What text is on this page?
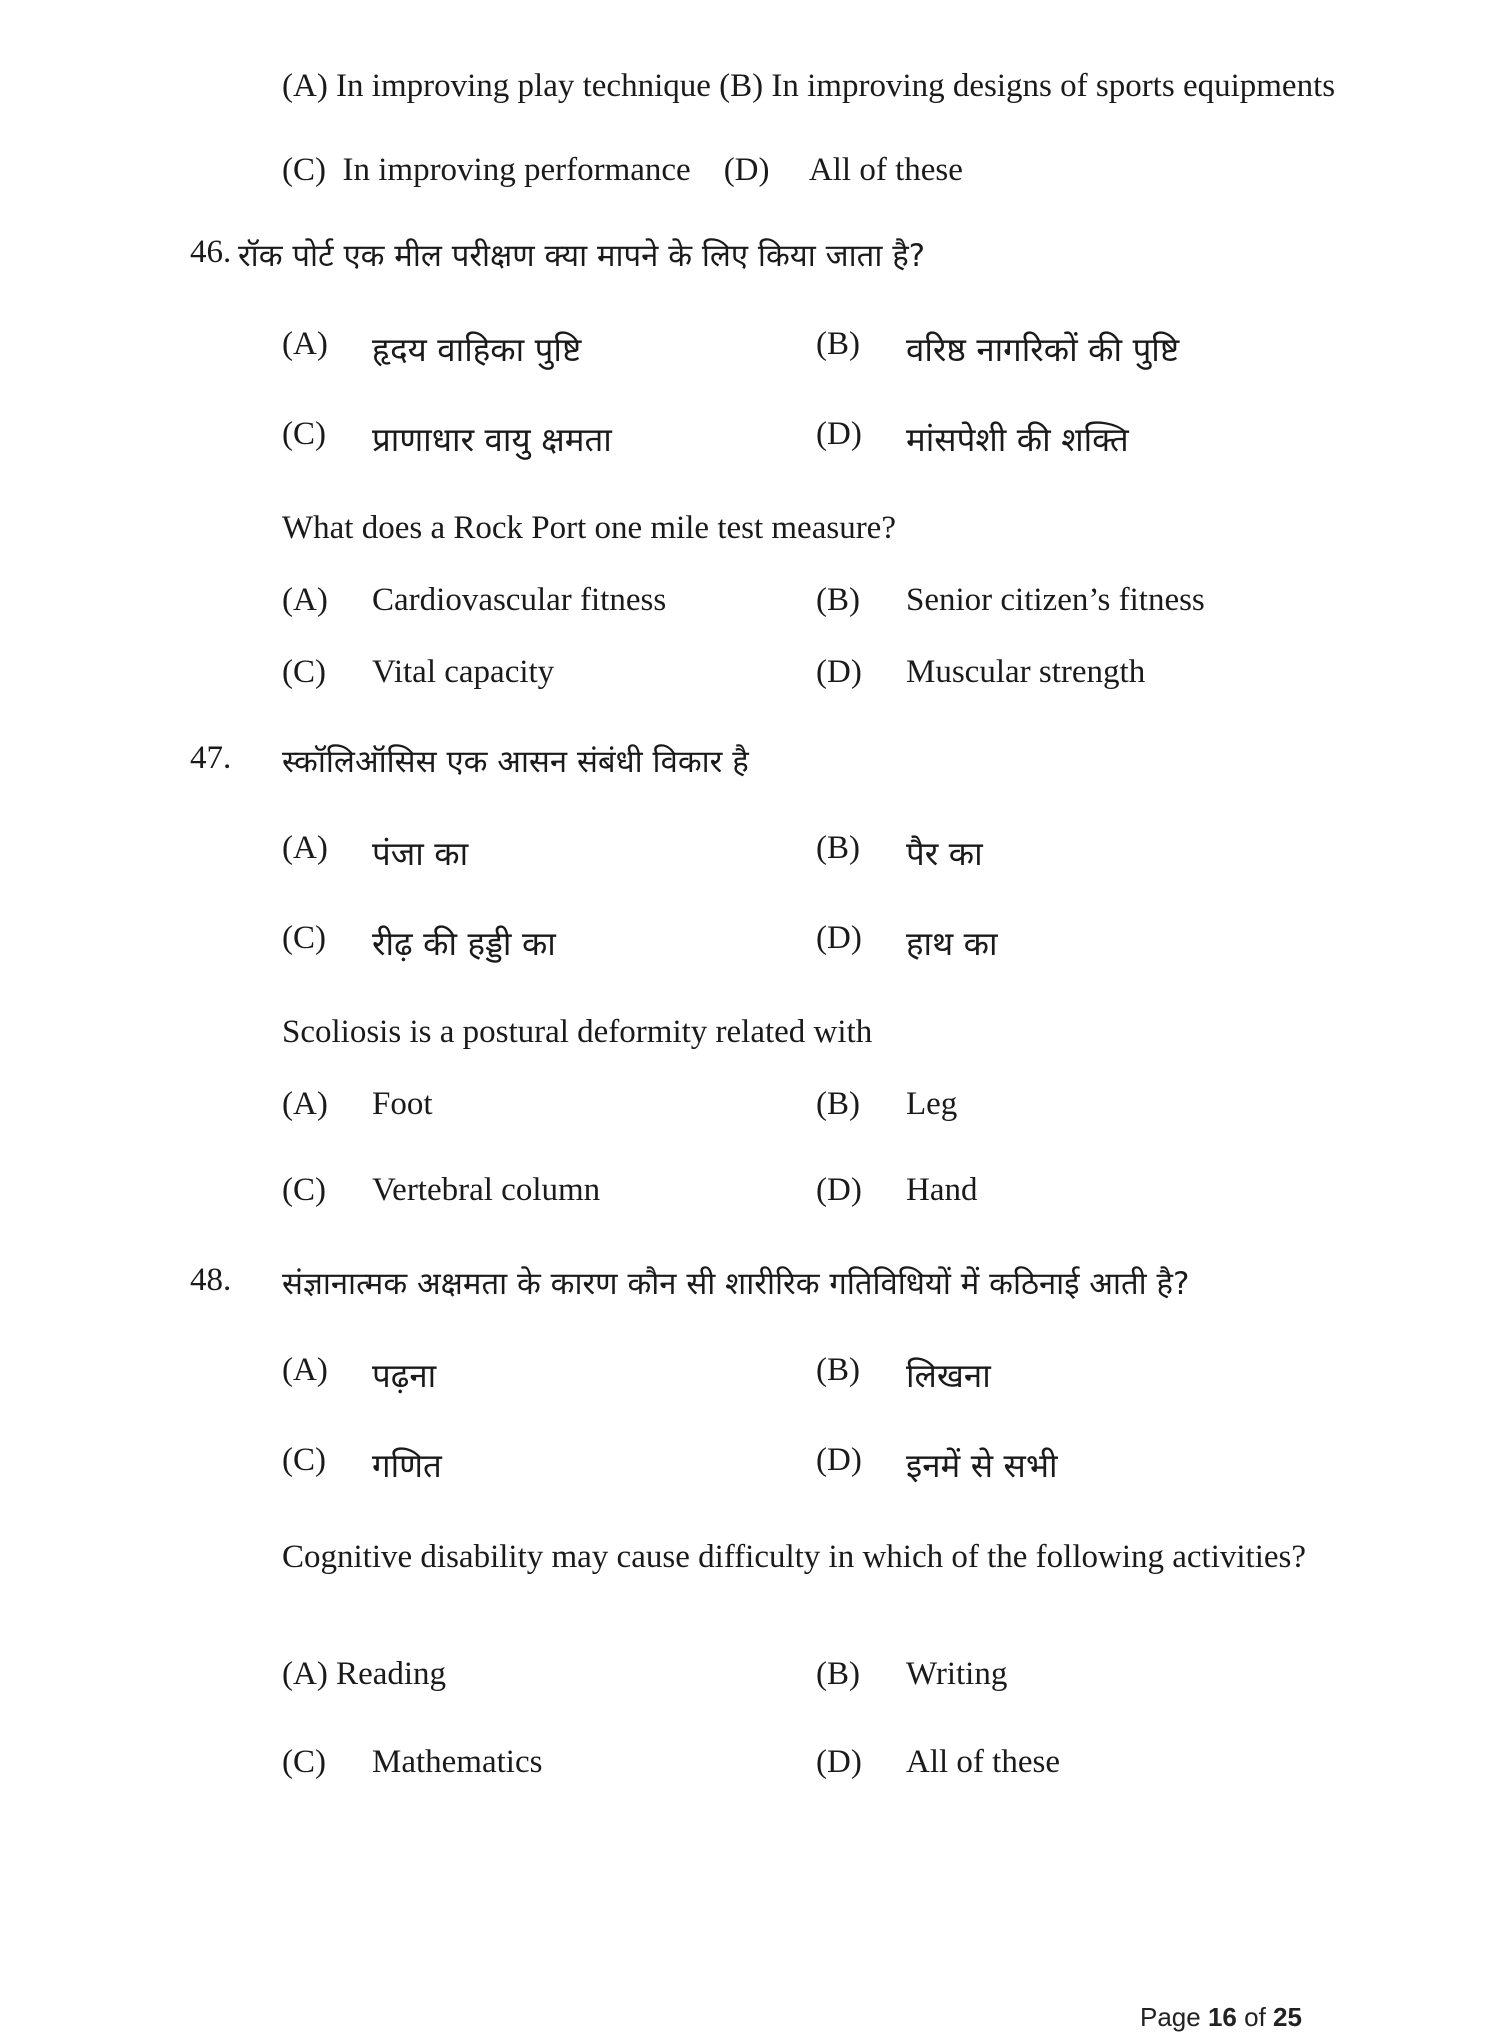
(A) In improving play technique (B) In improving designs of sports equipments
(C)  In improving performance    (D)     All of these
46. रॉक पोर्ट एक मील परीक्षण क्या मापने के लिए किया जाता है?
(A) हृदय वाहिका पुष्टि	(B) वरिष्ठ नागरिकों की पुष्टि
(C) प्राणाधार वायु क्षमता	(D) मांसपेशी की शक्ति
What does a Rock Port one mile test measure?
(A) Cardiovascular fitness	(B) Senior citizen’s fitness
(C) Vital capacity	(D) Muscular strength
47. स्कॉलिऑसिस एक आसन संबंधी विकार है
(A) पंजा का	(B) पैर का
(C) रीढ़ की हड्डी का	(D) हाथ का
Scoliosis is a postural deformity related with
(A) Foot	(B) Leg
(C) Vertebral column	(D) Hand
48. संज्ञानात्मक अक्षमता के कारण कौन सी शारीरिक गतिविधियों में कठिनाई आती है?
(A) पढ़ना	(B) लिखना
(C) गणित	(D) इनमें से सभी
Cognitive disability may cause difficulty in which of the following activities?
(A) Reading	(B) Writing
(C) Mathematics	(D) All of these
Page 16 of 25
